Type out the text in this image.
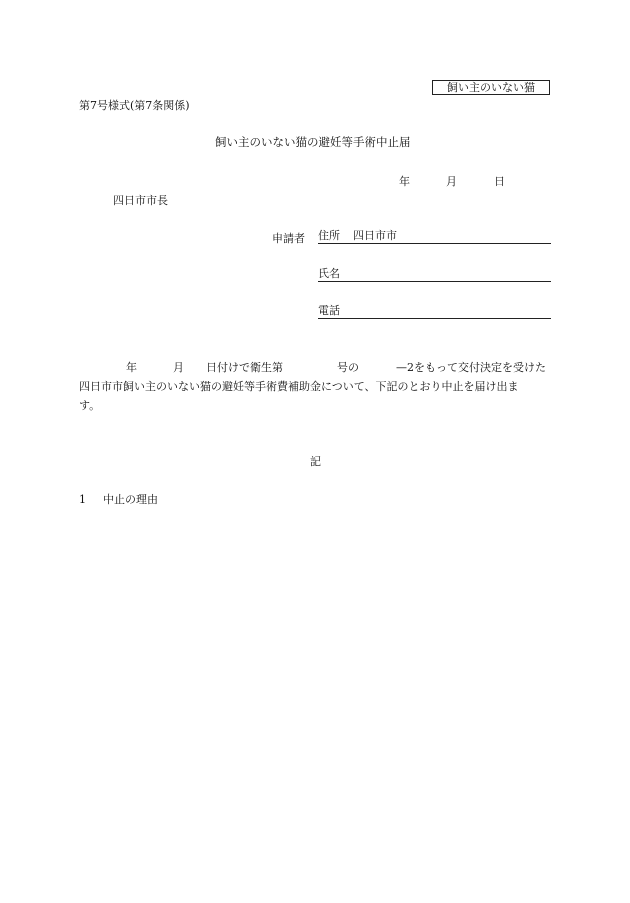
飼い主のいない猫
第7号様式(第7条関係)
飼い主のいない猫の避妊等手術中止届
年	月	日
四日市市長
申請者 住所 四日市市
氏名
電話
年	月 日付けで衛生第	号の	—2をもって交付決定を受けた
四日市市飼い主のいない猫の避妊等手術費補助金について、下記のとおり中止を届け出ま
す。
記
1 中止の理由
